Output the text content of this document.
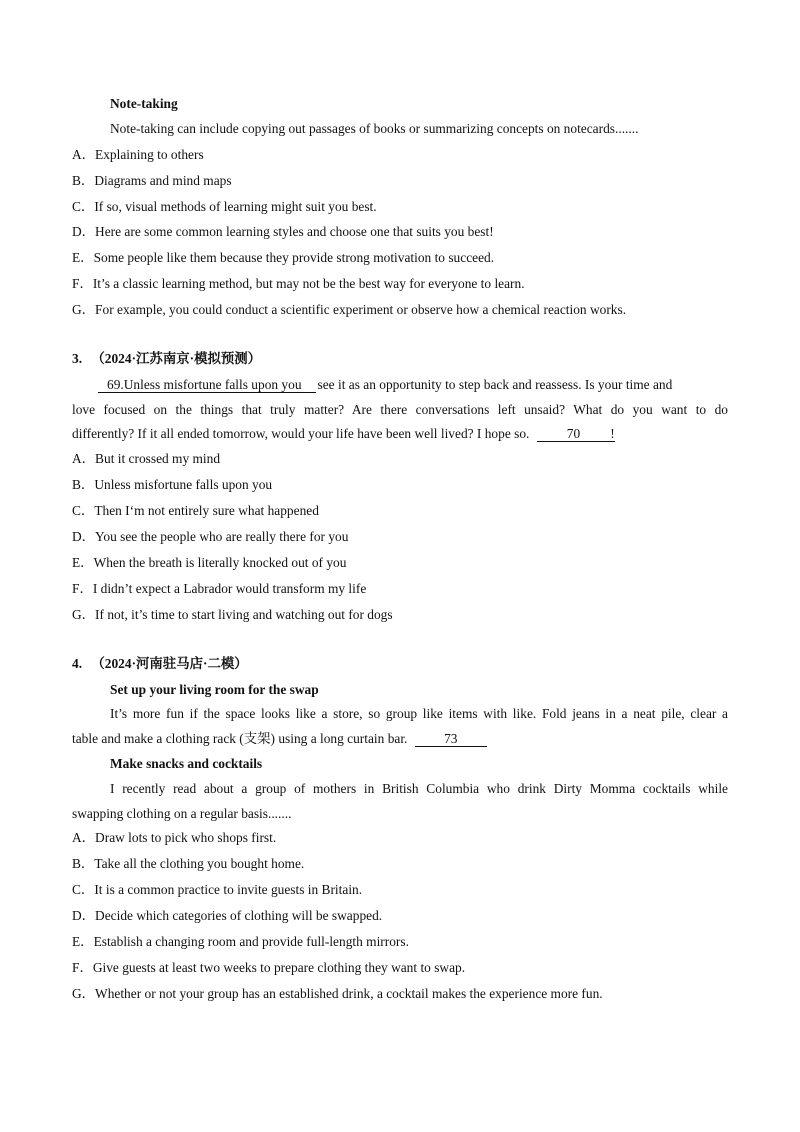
Note-taking
Note-taking can include copying out passages of books or summarizing concepts on notecards.......
A．Explaining to others
B．Diagrams and mind maps
C．If so, visual methods of learning might suit you best.
D．Here are some common learning styles and choose one that suits you best!
E．Some people like them because they provide strong motivation to succeed.
F．It’s a classic learning method, but may not be the best way for everyone to learn.
G．For example, you could conduct a scientific experiment or observe how a chemical reaction works.
3. （2024·江苏南京·模拟预测）
69.Unless misfortune falls upon you see it as an opportunity to step back and reassess. Is your time and
love focused on the things that truly matter? Are there conversations left unsaid? What do you want to do
differently? If it all ended tomorrow, would your life have been well lived? I hope so.	70 !
A．But it crossed my mind
B．Unless misfortune falls upon you
C．Then I‘m not entirely sure what happened
D．You see the people who are really there for you
E．When the breath is literally knocked out of you
F．I didn’t expect a Labrador would transform my life
G．If not, it’s time to start living and watching out for dogs
4. （2024·河南驻马店·二模）
Set up your living room for the swap
It’s more fun if the space looks like a store, so group like items with like. Fold jeans in a neat pile, clear a
table and make a clothing rack (支架) using a long curtain bar.	73
Make snacks and cocktails
I recently read about a group of mothers in British Columbia who drink Dirty Momma cocktails while
swapping clothing on a regular basis.......
A．Draw lots to pick who shops first.
B．Take all the clothing you bought home.
C．It is a common practice to invite guests in Britain.
D．Decide which categories of clothing will be swapped.
E．Establish a changing room and provide full-length mirrors.
F．Give guests at least two weeks to prepare clothing they want to swap.
G．Whether or not your group has an established drink, a cocktail makes the experience more fun.
